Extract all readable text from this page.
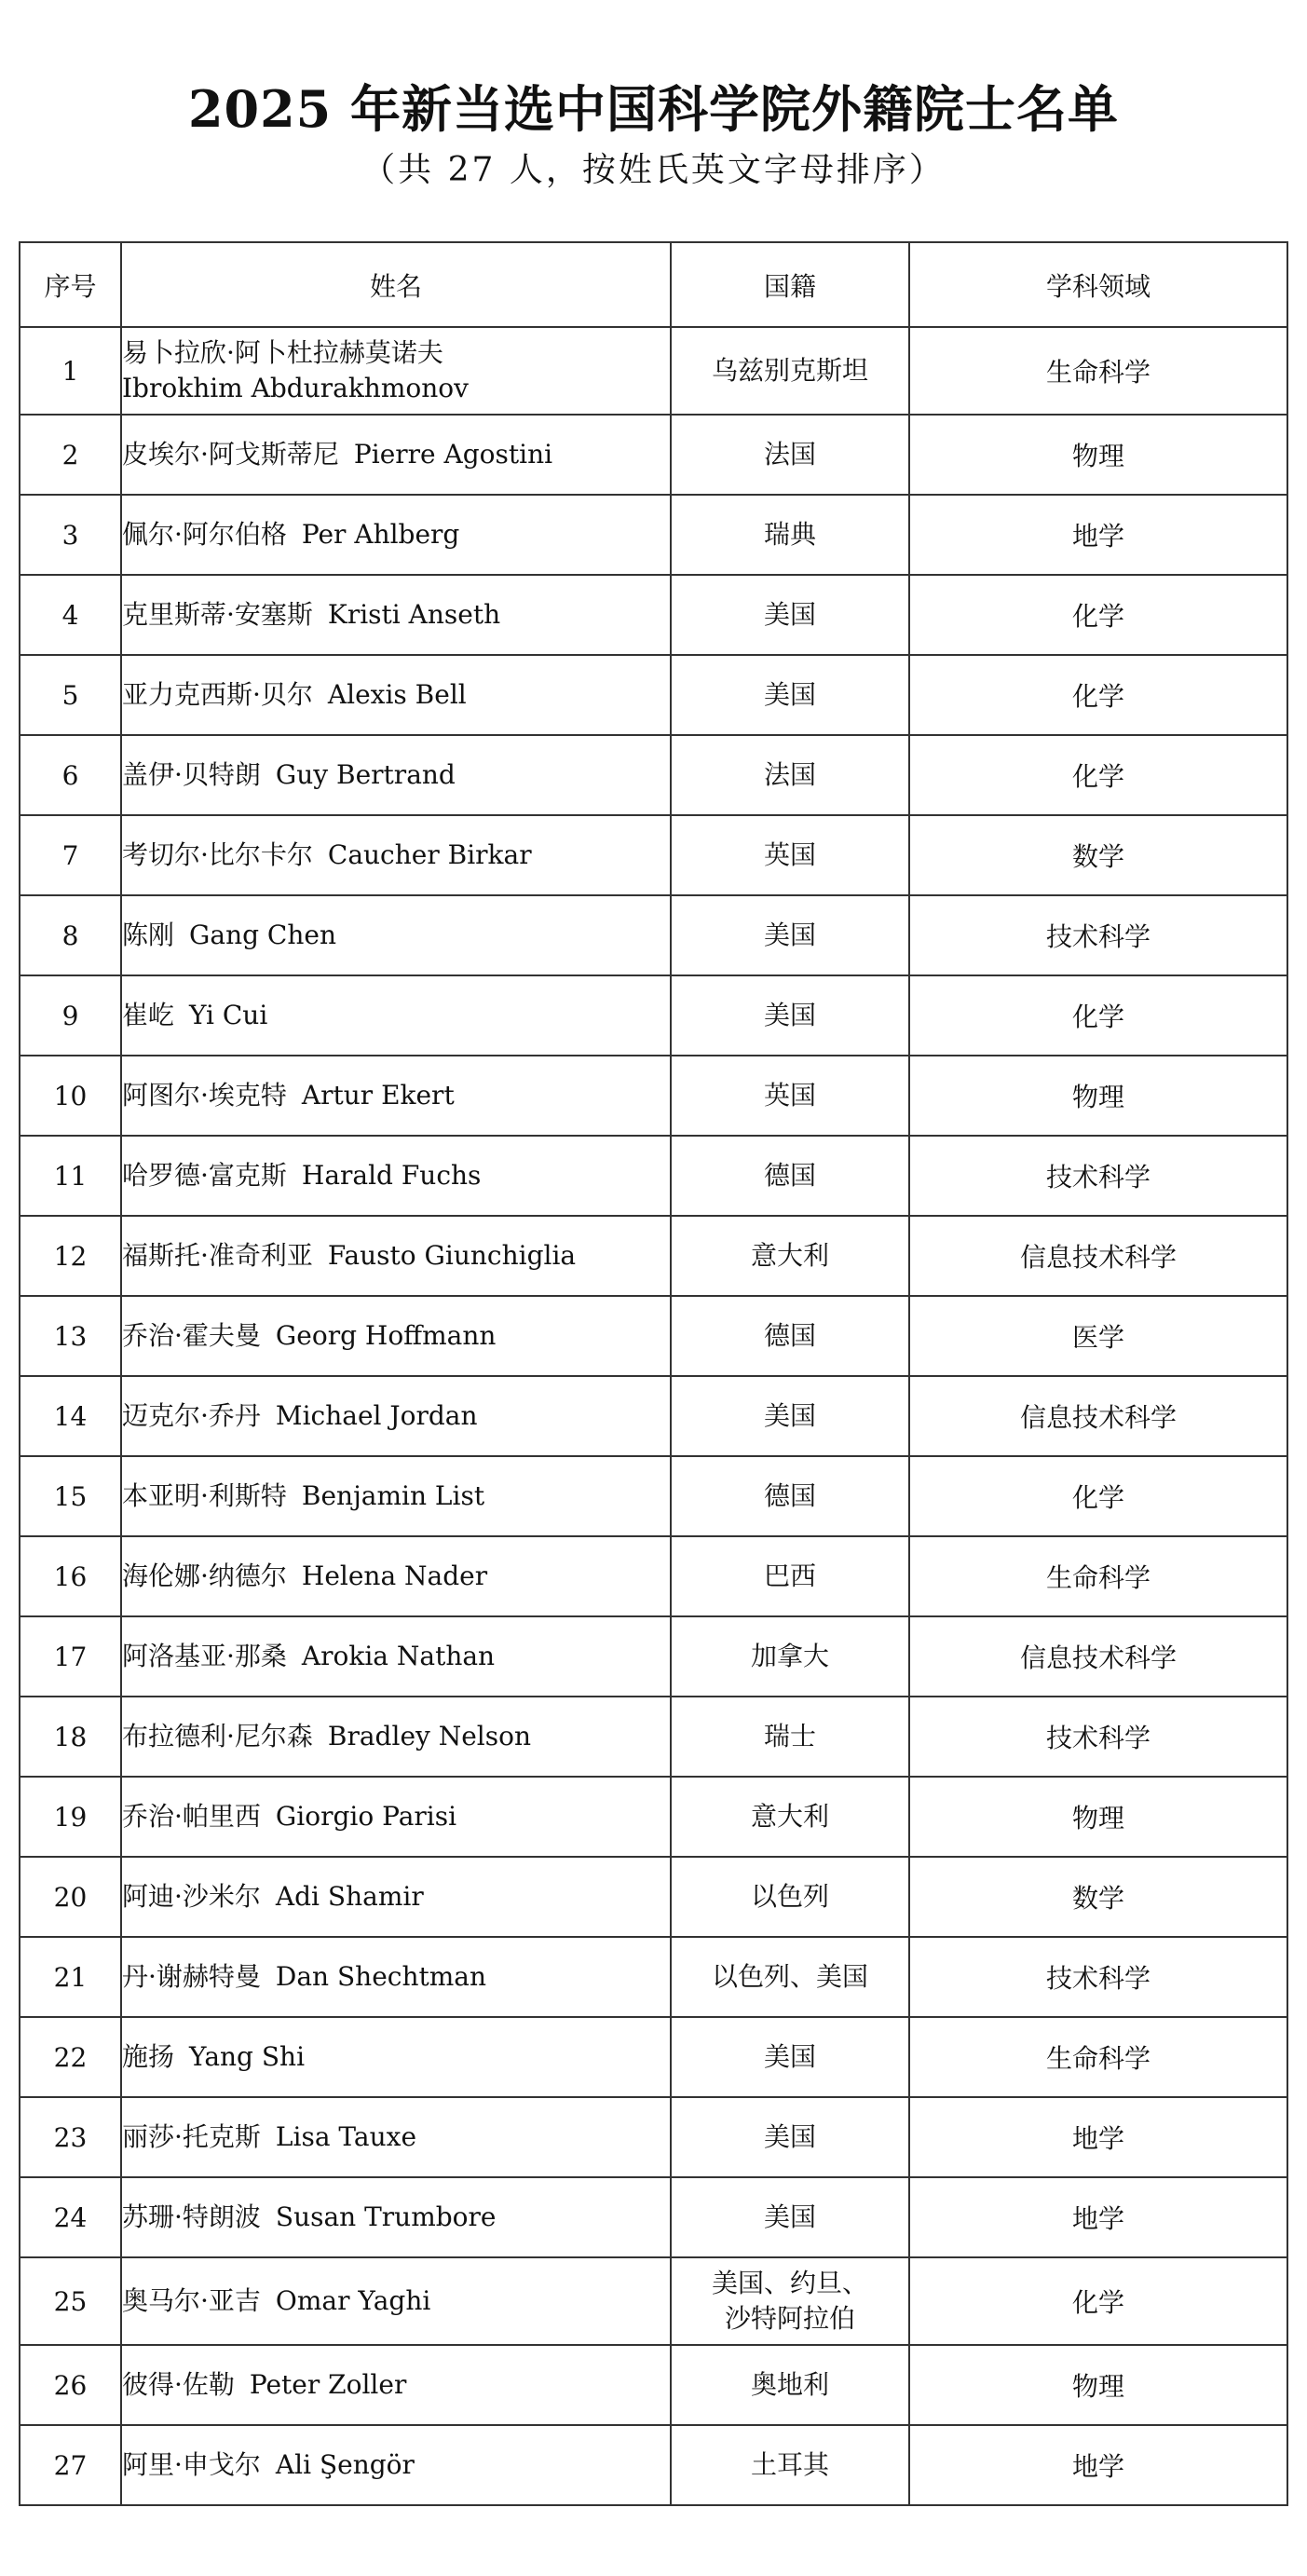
2025 年新当选中国科学院外籍院士名单
（共 27 人，按姓氏英文字母排序）
序号	姓名	国籍	学科领域
1	易卜拉欣·阿卜杜拉赫莫诺夫
Ibrokhim Abdurakhmonov	乌兹别克斯坦	生命科学
2	皮埃尔·阿戈斯蒂尼 Pierre Agostini	法国	物理
3	佩尔·阿尔伯格 Per Ahlberg	瑞典	地学
4	克里斯蒂·安塞斯 Kristi Anseth	美国	化学
5	亚力克西斯·贝尔 Alexis Bell	美国	化学
6	盖伊·贝特朗 Guy Bertrand	法国	化学
7	考切尔·比尔卡尔 Caucher Birkar	英国	数学
8	陈刚 Gang Chen	美国	技术科学
9	崔屹 Yi Cui	美国	化学
10	阿图尔·埃克特 Artur Ekert	英国	物理
11	哈罗德·富克斯 Harald Fuchs	德国	技术科学
12	福斯托·准奇利亚 Fausto Giunchiglia	意大利	信息技术科学
13	乔治·霍夫曼 Georg Hoffmann	德国	医学
14	迈克尔·乔丹 Michael Jordan	美国	信息技术科学
15	本亚明·利斯特 Benjamin List	德国	化学
16	海伦娜·纳德尔 Helena Nader	巴西	生命科学
17	阿洛基亚·那桑 Arokia Nathan	加拿大	信息技术科学
18	布拉德利·尼尔森 Bradley Nelson	瑞士	技术科学
19	乔治·帕里西 Giorgio Parisi	意大利	物理
20	阿迪·沙米尔 Adi Shamir	以色列	数学
21	丹·谢赫特曼 Dan Shechtman	以色列、美国	技术科学
22	施扬 Yang Shi	美国	生命科学
23	丽莎·托克斯 Lisa Tauxe	美国	地学
24	苏珊·特朗波 Susan Trumbore	美国	地学
25	奥马尔·亚吉 Omar Yaghi	美国、约旦、
沙特阿拉伯	化学
26	彼得·佐勒 Peter Zoller	奥地利	物理
27	阿里·申戈尔 Ali Şengör	土耳其	地学
